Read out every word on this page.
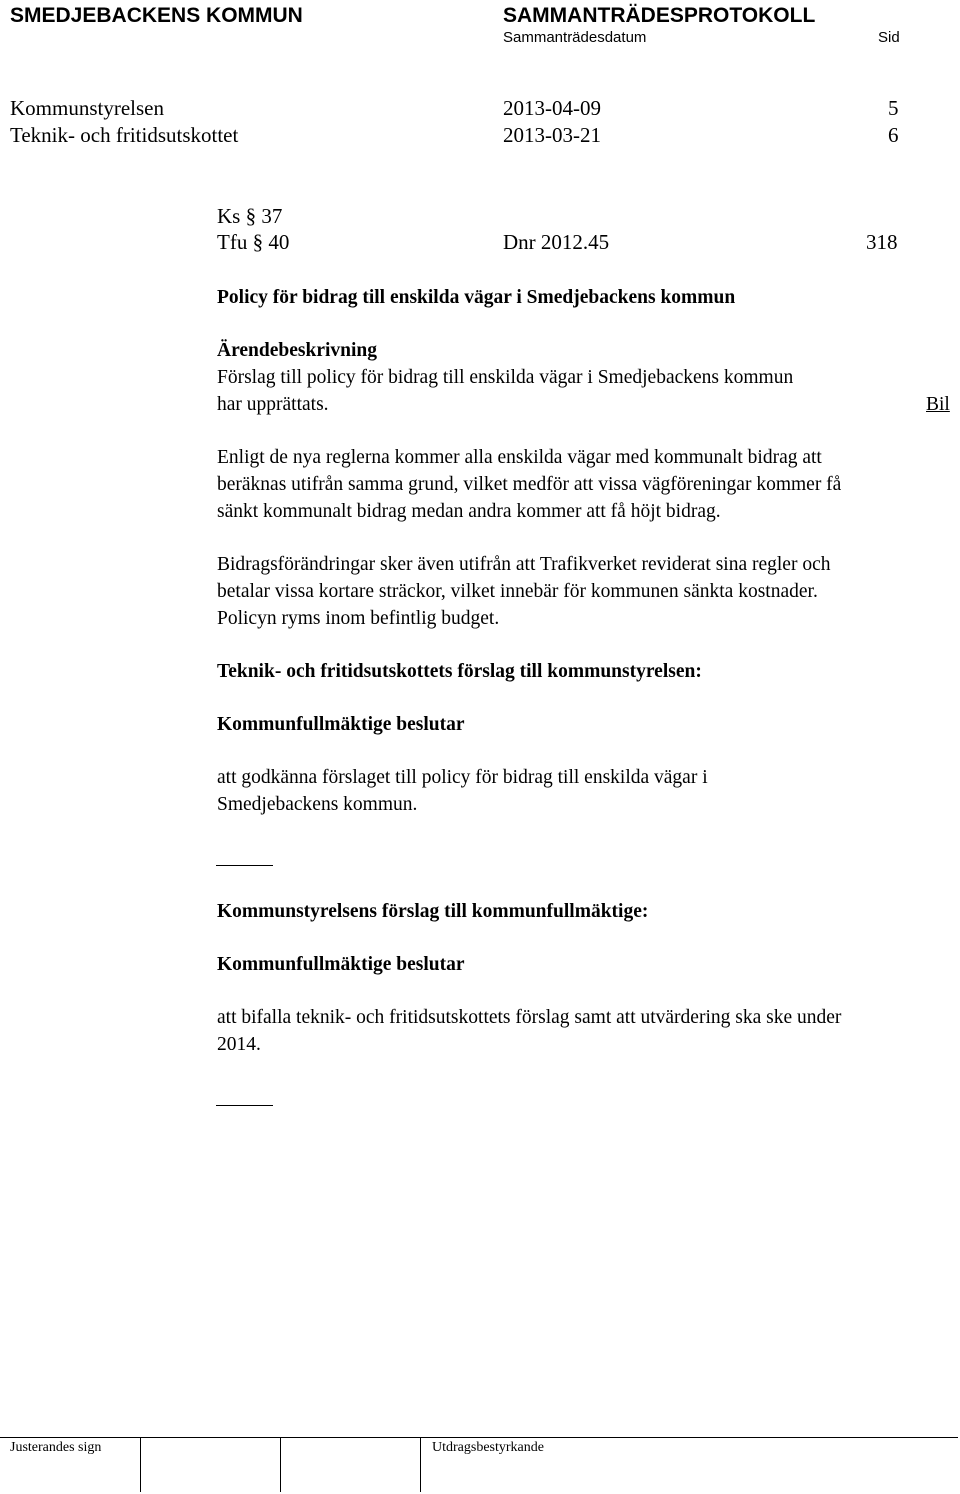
SMEDJEBACKENS KOMMUN	SAMMANTRÄDESPROTOKOLL
Sammanträdesdatum	Sid
Kommunstyrelsen	2013-04-09	5
Teknik- och fritidsutskottet	2013-03-21	6
Ks § 37
Tfu § 40	Dnr 2012.45	318
Policy för bidrag till enskilda vägar i Smedjebackens kommun
Ärendebeskrivning
Förslag till policy för bidrag till enskilda vägar i Smedjebackens kommun
har upprättats.	Bil
Enligt de nya reglerna kommer alla enskilda vägar med kommunalt bidrag att
beräknas utifrån samma grund, vilket medför att vissa vägföreningar kommer få
sänkt kommunalt bidrag medan andra kommer att få höjt bidrag.
Bidragsförändringar sker även utifrån att Trafikverket reviderat sina regler och
betalar vissa kortare sträckor, vilket innebär för kommunen sänkta kostnader.
Policyn ryms inom befintlig budget.
Teknik- och fritidsutskottets förslag till kommunstyrelsen:
Kommunfullmäktige beslutar
att godkänna förslaget till policy för bidrag till enskilda vägar i
Smedjebackens kommun.
Kommunstyrelsens förslag till kommunfullmäktige:
Kommunfullmäktige beslutar
att bifalla teknik- och fritidsutskottets förslag samt att utvärdering ska ske under
2014.
Justerandes sign	Utdragsbestyrkande
